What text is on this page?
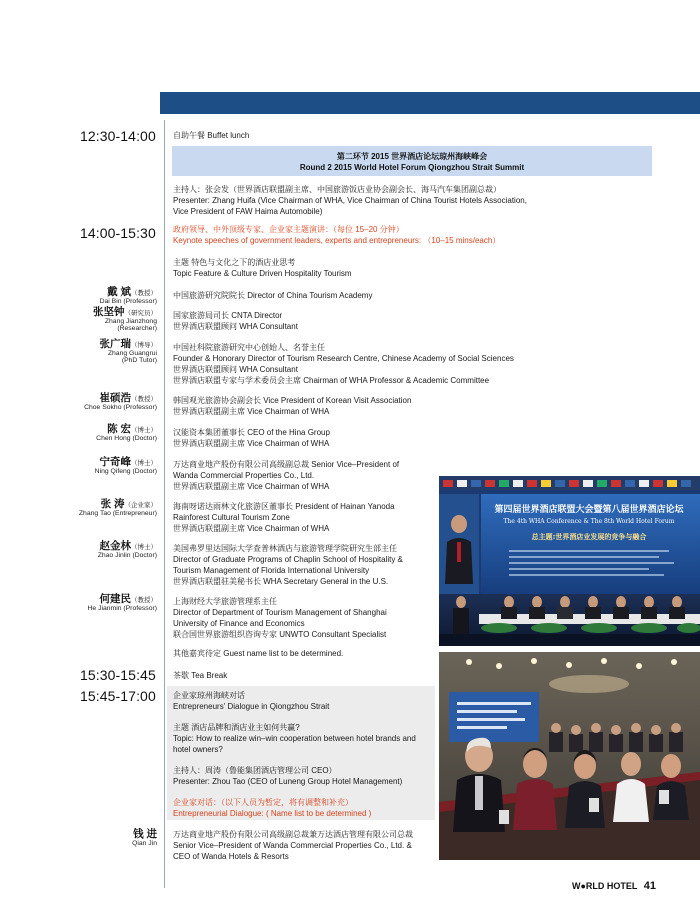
12:30-14:00
14:00-15:30
15:30-15:45
15:45-17:00
自助午餐 Buffet lunch
第二环节 2015 世界酒店论坛琼州海峡峰会
Round 2 2015 World Hotel Forum Qiongzhou Strait Summit
主持人：张会发（世界酒店联盟副主席、中国旅游饭店业协会副会长、海马汽车集团副总裁）
Presenter: Zhang Huifa (Vice Chairman of WHA, Vice Chairman of China Tourist Hotels Association,
Vice President of FAW Haima Automobile)
政府领导、中外顶级专家、企业家主题演讲：（每位 15–20 分钟）
Keynote speeches of government leaders, experts and entrepreneurs: （10–15 mins/each）
主题 特色与文化之下的酒店业思考
Topic Feature & Culture Driven Hospitality Tourism
戴 斌（教授）
Dai Bin (Professor)
中国旅游研究院院长 Director of China Tourism Academy
张坚钟（研究员）
Zhang Jianzhong
(Researcher)
国家旅游局司长 CNTA Director
世界酒店联盟顾问 WHA Consultant
张广瑞（博导）
Zhang Guangrui
(PhD Tutor)
中国社科院旅游研究中心创始人、名誉主任
Founder & Honorary Director of Tourism Research Centre, Chinese Academy of Social Sciences
世界酒店联盟顾问 WHA Consultant
世界酒店联盟专家与学术委员会主席 Chairman of WHA Professor & Academic Committee
崔硕浩（教授）
Choe Sokho (Professor)
韩国观光旅游协会副会长 Vice President of Korean Visit Association
世界酒店联盟副主席 Vice Chairman of WHA
陈 宏（博士）
Chen Hong (Doctor)
汉能资本集团董事长 CEO of the Hina Group
世界酒店联盟副主席 Vice Chairman of WHA
宁奇峰（博士）
Ning Qifeng (Doctor)
万达商业地产股份有限公司高级副总裁 Senior Vice–President of
Wanda Commercial Properties Co., Ltd.
世界酒店联盟副主席 Vice Chairman of WHA
张 涛（企业家）
Zhang Tao (Entrepreneur)
海南呀诺达雨林文化旅游区董事长 President of Hainan Yanoda
Rainforest Cultural Tourism Zone
世界酒店联盟副主席 Vice Chairman of WHA
赵金林（博士）
Zhao Jinlin (Doctor)
美国弗罗里达国际大学查普林酒店与旅游管理学院研究生部主任
Director of Graduate Programs of Chaplin School of Hospitality &
Tourism Management of Florida International University
世界酒店联盟驻美秘书长 WHA Secretary General in the U.S.
何建民（教授）
He Jianmin (Professor)
上海财经大学旅游管理系主任
Director of Department of Tourism Management of Shanghai
University of Finance and Economics
联合国世界旅游组织咨询专家 UNWTO Consultant Specialist
其他嘉宾待定 Guest name list to be determined.
茶歇 Tea Break
企业家琼州海峡对话
Entrepreneurs' Dialogue in Qiongzhou Strait
主题 酒店品牌和酒店业主如何共赢?
Topic: How to realize win–win cooperation between hotel brands and
hotel owners?
主持人：周涛（鲁能集团酒店管理公司 CEO）
Presenter: Zhou Tao (CEO of Luneng Group Hotel Management)
企业家对话：（以下人员为暂定，将有调整和补充）
Entrepreneurial Dialogue: ( Name list to be determined )
钱 进
Qian Jin
万达商业地产股份有限公司高级副总裁兼万达酒店管理有限公司总裁
Senior Vice–President of Wanda Commercial Properties Co., Ltd. &
CEO of Wanda Hotels & Resorts
第四届世界酒店联盟大会暨第八届世界酒店论坛
The 4th WHA Conference & The 8th World Hotel Forum
总主题:世界酒店业发展的竞争与融合
W●RLD HOTEL 41
